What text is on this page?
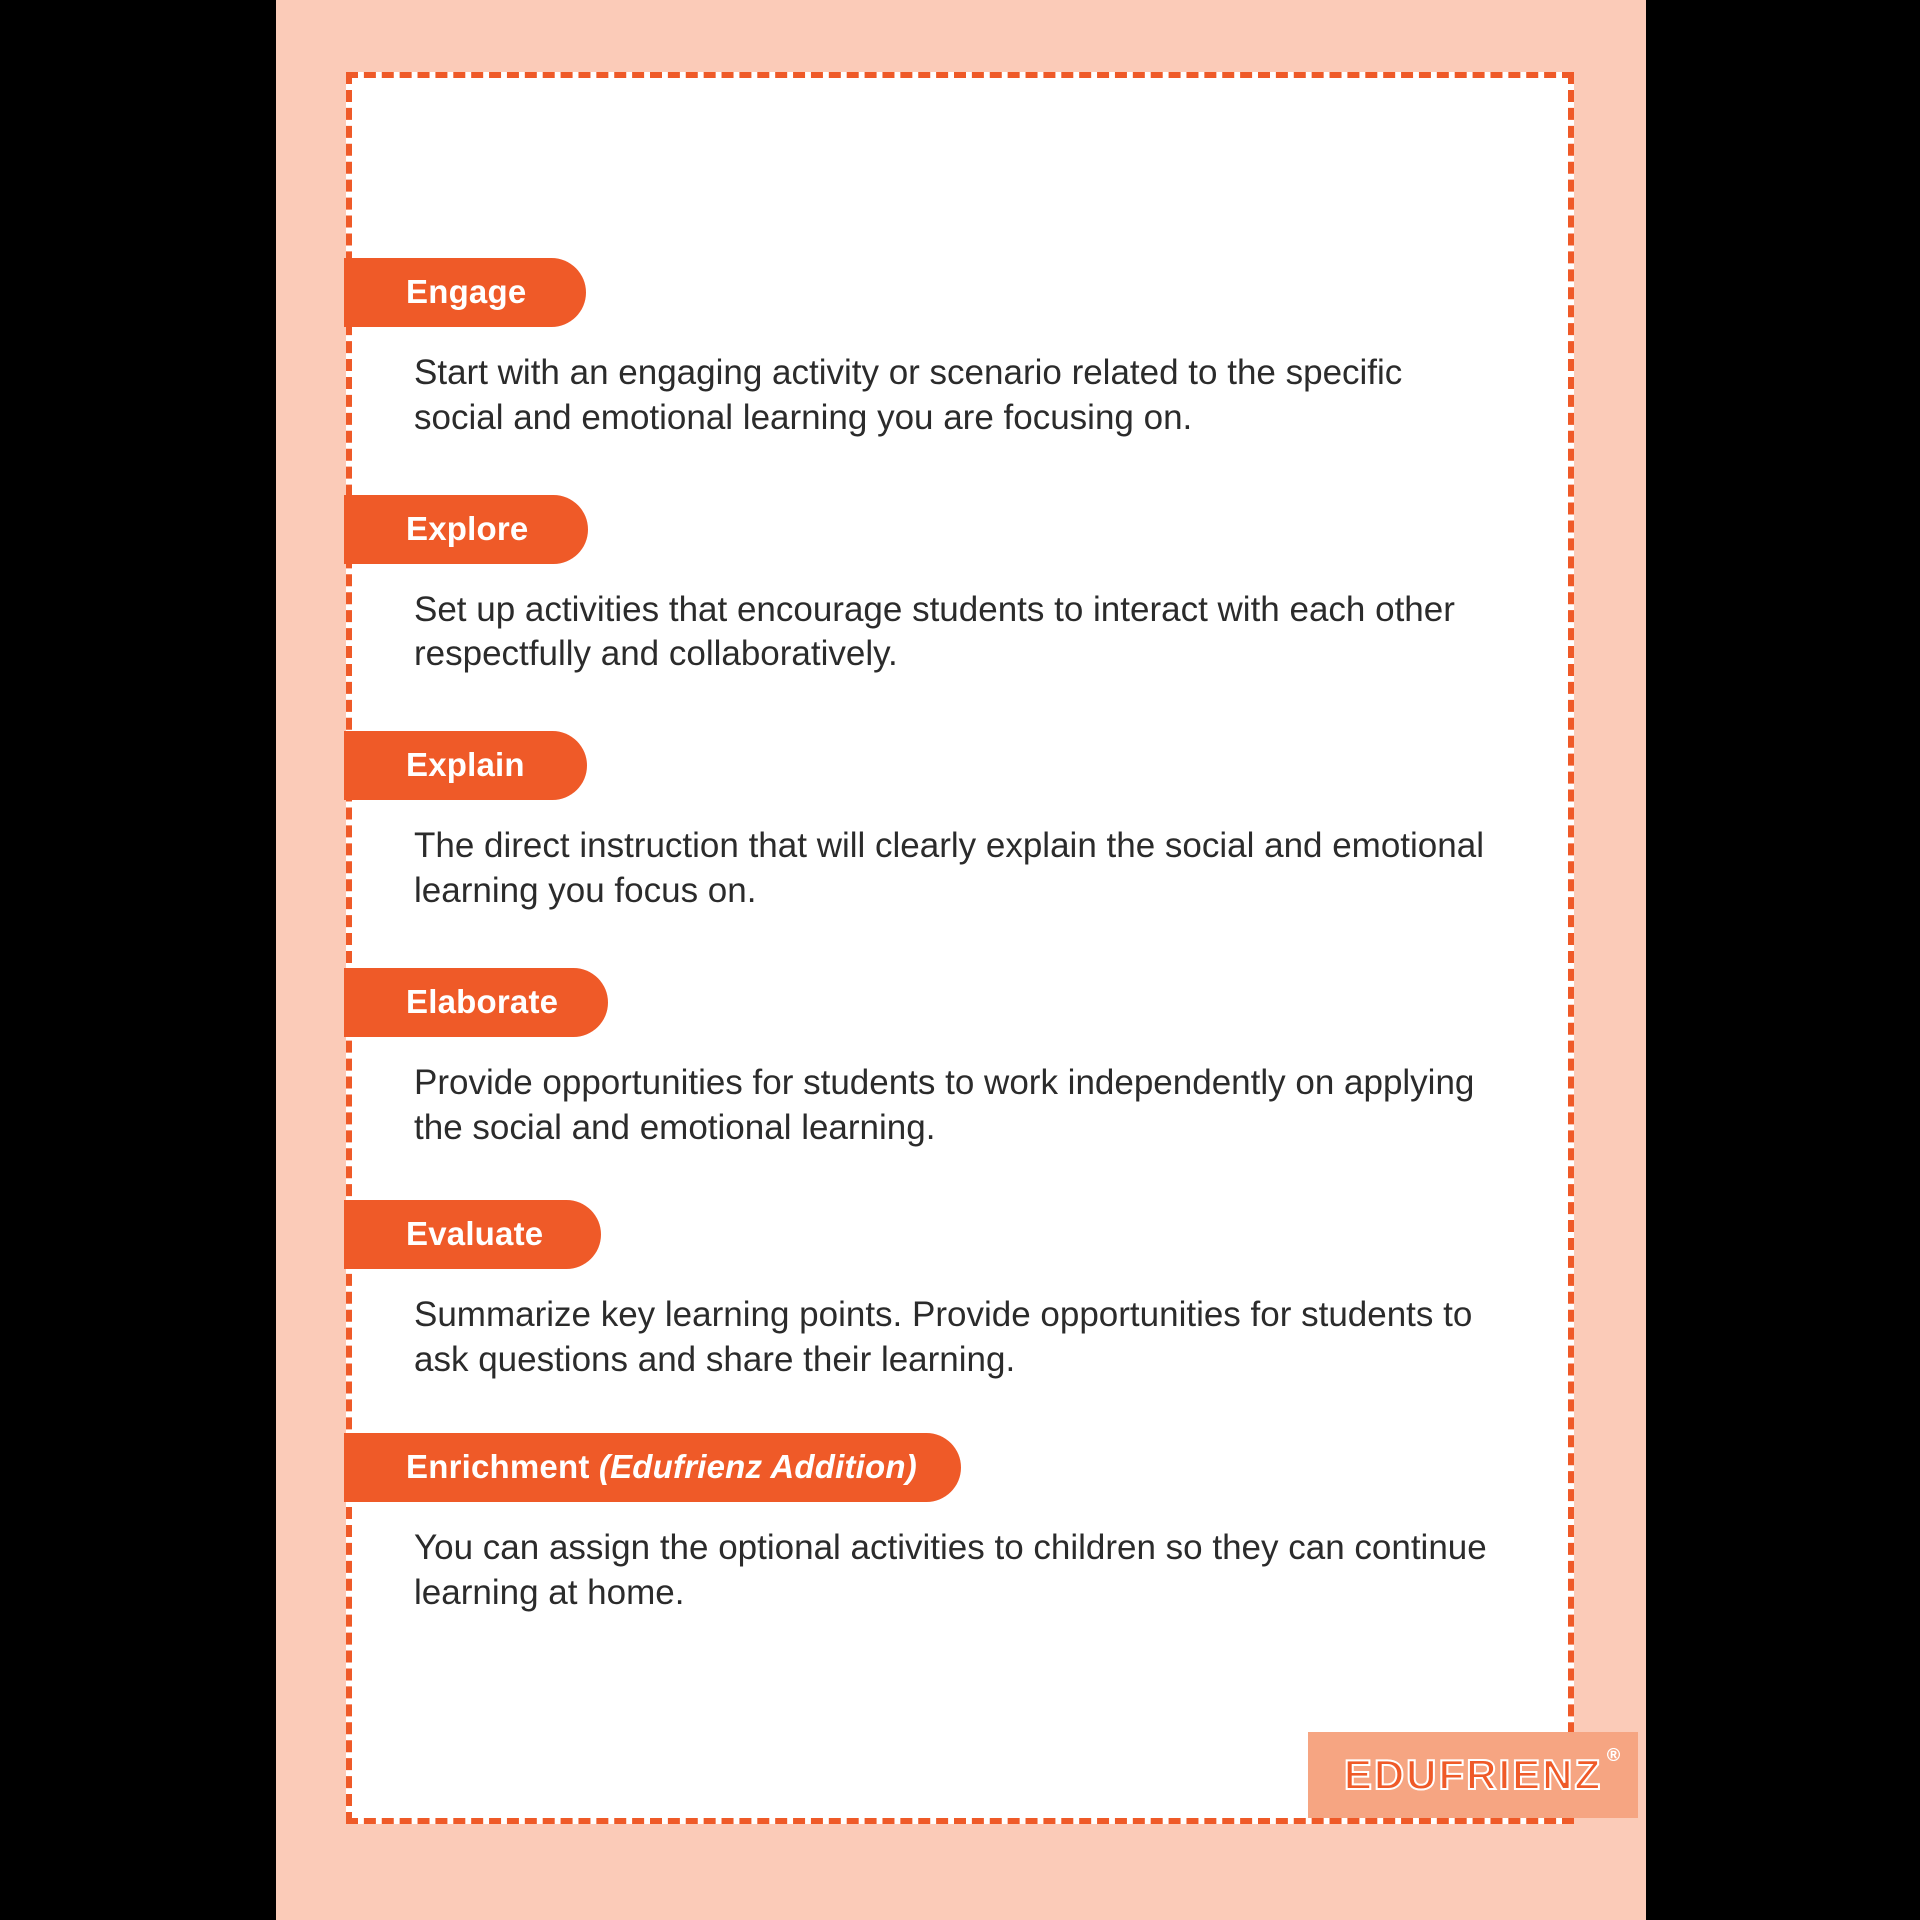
Engage
Start with an engaging activity or scenario related to the specific social and emotional learning you are focusing on.
Explore
Set up activities that encourage students to interact with each other respectfully and collaboratively.
Explain
The direct instruction that will clearly explain the social and emotional learning you focus on.
Elaborate
Provide opportunities for students to work independently on applying the social and emotional learning.
Evaluate
Summarize key learning points. Provide opportunities for students to ask questions and share their learning.
Enrichment (Edufrienz Addition)
You can assign the optional activities to children so they can continue learning at home.
EDUFRIENZ ®
